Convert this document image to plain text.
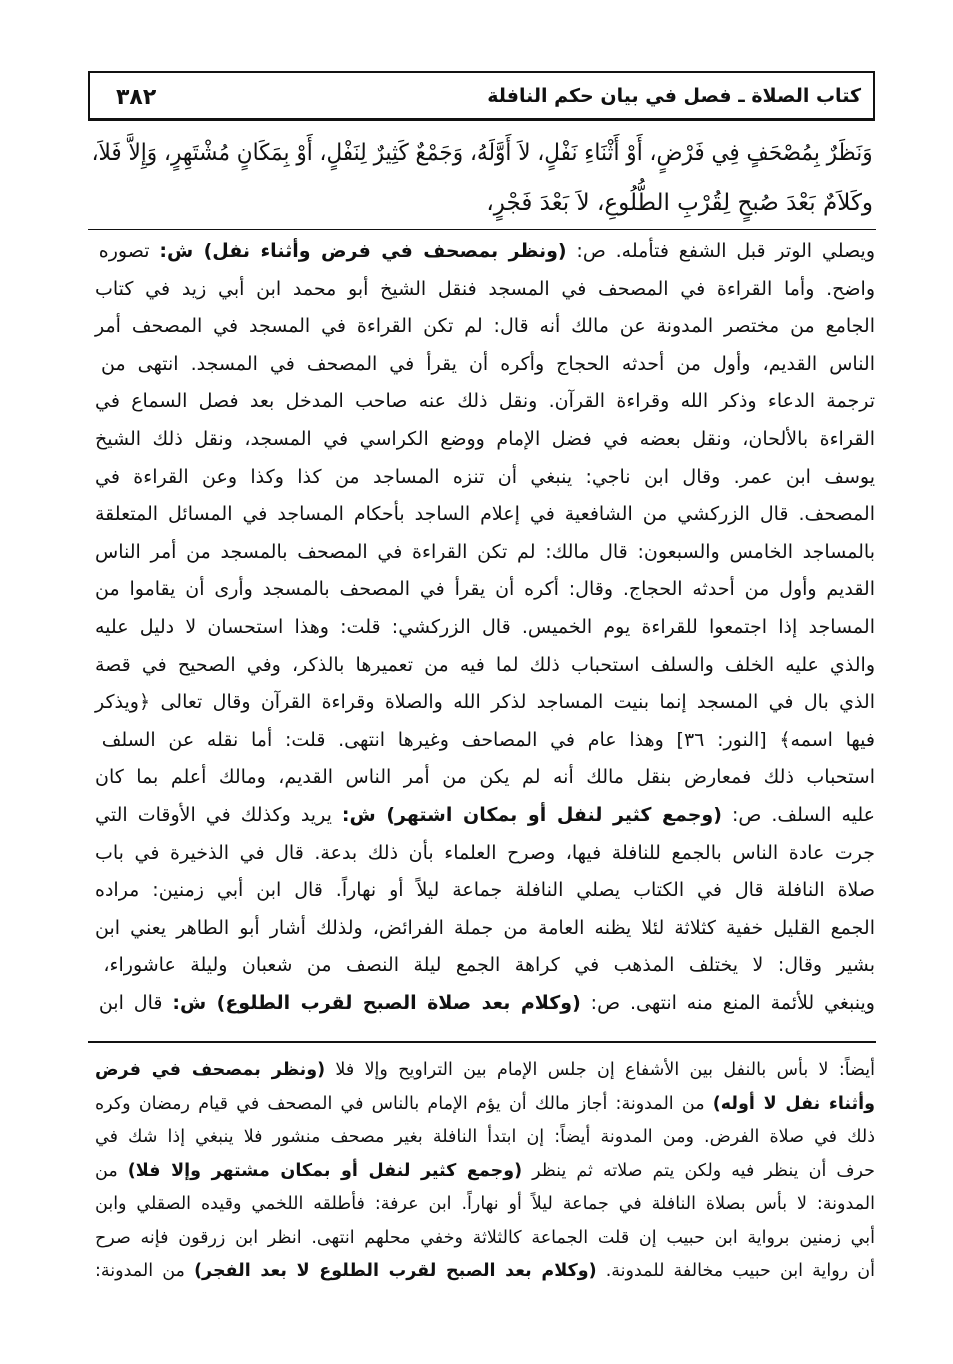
٣٨٢	كتاب الصلاة ـ فصل في بيان حكم النافلة
وَنَظَرٌ بِمُصْحَفٍ فِي فَرْضٍ، أَوْ أَثْنَاءِ نَفْلٍ، لاَ أَوَّلَهُ، وَجَمْعٌ كَثِيرٌ لِنَفْلٍ، أَوْ بِمَكَانٍ مُشْتَهِرٍ، وَإِلاَّ فَلاَ،
وكَلاَمٌ بَعْدَ صُبحٍ لِقُرْبِ الطُّلُوعِ، لاَ بَعْدَ فَجْرٍ،
ويصلي الوتر قبل الشفع فتأمله. ص: (ونظر بمصحف في فرض وأثناء نفل) ش: تصوره
واضح. وأما القراءة في المصحف في المسجد فنقل الشيخ أبو محمد ابن أبي زيد في كتاب
الجامع من مختصر المدونة عن مالك أنه قال: لم تكن القراءة في المسجد في المصحف أمر
الناس القديم، وأول من أحدثه الحجاج وأكره أن يقرأ في المصحف في المسجد. انتهى من
ترجمة الدعاء وذكر الله وقراءة القرآن. ونقل ذلك عنه صاحب المدخل بعد فصل السماع في
القراءة بالألحان، ونقل بعضه في فضل الإمام ووضع الكراسي في المسجد، ونقل ذلك الشيخ
يوسف ابن عمر. وقال ابن ناجي: ينبغي أن تنزه المساجد من كذا وكذا وعن القراءة في
المصحف. قال الزركشي من الشافعية في إعلام الساجد بأحكام المساجد في المسائل المتعلقة
بالمساجد الخامس والسبعون: قال مالك: لم تكن القراءة في المصحف بالمسجد من أمر الناس
القديم وأول من أحدثه الحجاج. وقال: أكره أن يقرأ في المصحف بالمسجد وأرى أن يقاموا من
المساجد إذا اجتمعوا للقراءة يوم الخميس. قال الزركشي: قلت: وهذا استحسان لا دليل عليه
والذي عليه الخلف والسلف استحباب ذلك لما فيه من تعميرها بالذكر، وفي الصحيح في قصة
الذي بال في المسجد إنما بنيت المساجد لذكر الله والصلاة وقراءة القرآن وقال تعالى ﴿ويذكر
فيها اسمه﴾ [النور: ٣٦] وهذا عام في المصاحف وغيرها انتهى. قلت: أما نقله عن السلف
استحباب ذلك فمعارض بنقل مالك أنه لم يكن من أمر الناس القديم، ومالك أعلم بما كان
عليه السلف. ص: (وجمع كثير لنفل أو بمكان اشتهر) ش: يريد وكذلك في الأوقات التي
جرت عادة الناس بالجمع للنافلة فيها، وصرح العلماء بأن ذلك بدعة. قال في الذخيرة في باب
صلاة النافلة قال في الكتاب يصلي النافلة جماعة ليلاً أو نهاراً. قال ابن أبي زمنين: مراده
الجمع القليل خفية كثلاثة لئلا يظنه العامة من جملة الفرائض، ولذلك أشار أبو الطاهر يعني ابن
بشير وقال: لا يختلف المذهب في كراهة الجمع ليلة النصف من شعبان وليلة عاشوراء،
وينبغي للأئمة المنع منه انتهى. ص: (وكلام بعد صلاة الصبح لقرب الطلوع) ش: قال ابن
أيضاً: لا بأس بالنفل بين الأشفاع إن جلس الإمام بين التراويح وإلا فلا (ونظر بمصحف في فرض
وأثناء نفل لا أوله) من المدونة: أجاز مالك أن يؤم الإمام بالناس في المصحف في قيام رمضان وكره
ذلك في صلاة الفرض. ومن المدونة أيضاً: إن ابتدأ النافلة بغير مصحف منشور فلا ينبغي إذا شك في
حرف أن ينظر فيه ولكن يتم صلاته ثم ينظر (وجمع كثير لنفل أو بمكان مشتهر وإلا فلا) من
المدونة: لا بأس بصلاة النافلة في جماعة ليلاً أو نهاراً. ابن عرفة: فأطلقه اللخمي وقيده الصقلي وابن
أبي زمنين برواية ابن حبيب إن قلت الجماعة كالثلاثة وخفي محلهم انتهى. انظر ابن زرقون فإنه صرح
أن رواية ابن حبيب مخالفة للمدونة. (وكلام بعد الصبح لقرب الطلوع لا بعد الفجر) من المدونة:
